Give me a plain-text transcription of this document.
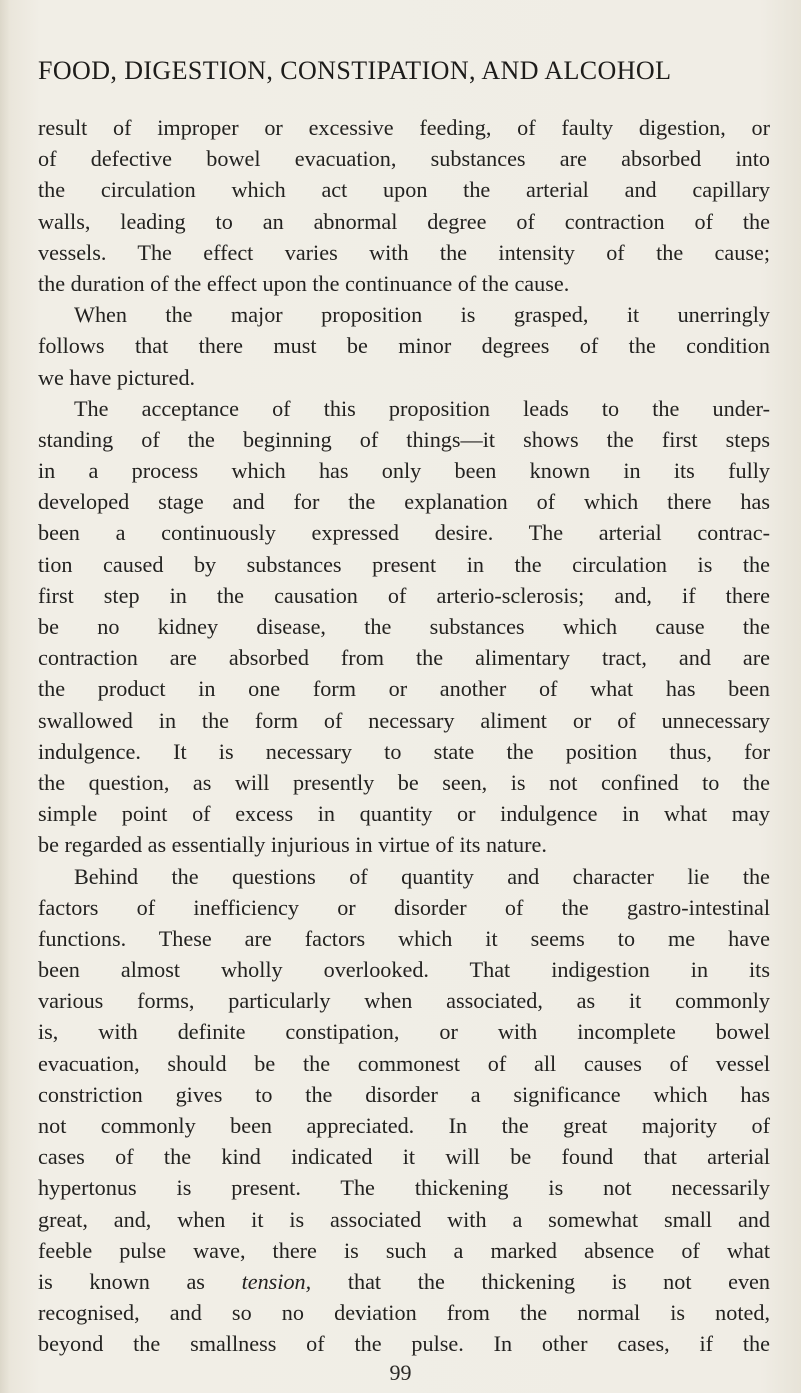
FOOD, DIGESTION, CONSTIPATION, AND ALCOHOL
result of improper or excessive feeding, of faulty digestion, or
of defective bowel evacuation, substances are absorbed into
the circulation which act upon the arterial and capillary
walls, leading to an abnormal degree of contraction of the
vessels. The effect varies with the intensity of the cause;
the duration of the effect upon the continuance of the cause.
When the major proposition is grasped, it unerringly
follows that there must be minor degrees of the condition
we have pictured.
The acceptance of this proposition leads to the under-
standing of the beginning of things—it shows the first steps
in a process which has only been known in its fully
developed stage and for the explanation of which there has
been a continuously expressed desire. The arterial contrac-
tion caused by substances present in the circulation is the
first step in the causation of arterio-sclerosis; and, if there
be no kidney disease, the substances which cause the
contraction are absorbed from the alimentary tract, and are
the product in one form or another of what has been
swallowed in the form of necessary aliment or of unnecessary
indulgence. It is necessary to state the position thus, for
the question, as will presently be seen, is not confined to the
simple point of excess in quantity or indulgence in what may
be regarded as essentially injurious in virtue of its nature.
Behind the questions of quantity and character lie the
factors of inefficiency or disorder of the gastro-intestinal
functions. These are factors which it seems to me have
been almost wholly overlooked. That indigestion in its
various forms, particularly when associated, as it commonly
is, with definite constipation, or with incomplete bowel
evacuation, should be the commonest of all causes of vessel
constriction gives to the disorder a significance which has
not commonly been appreciated. In the great majority of
cases of the kind indicated it will be found that arterial
hypertonus is present. The thickening is not necessarily
great, and, when it is associated with a somewhat small and
feeble pulse wave, there is such a marked absence of what
is known as tension, that the thickening is not even
recognised, and so no deviation from the normal is noted,
beyond the smallness of the pulse. In other cases, if the
99
